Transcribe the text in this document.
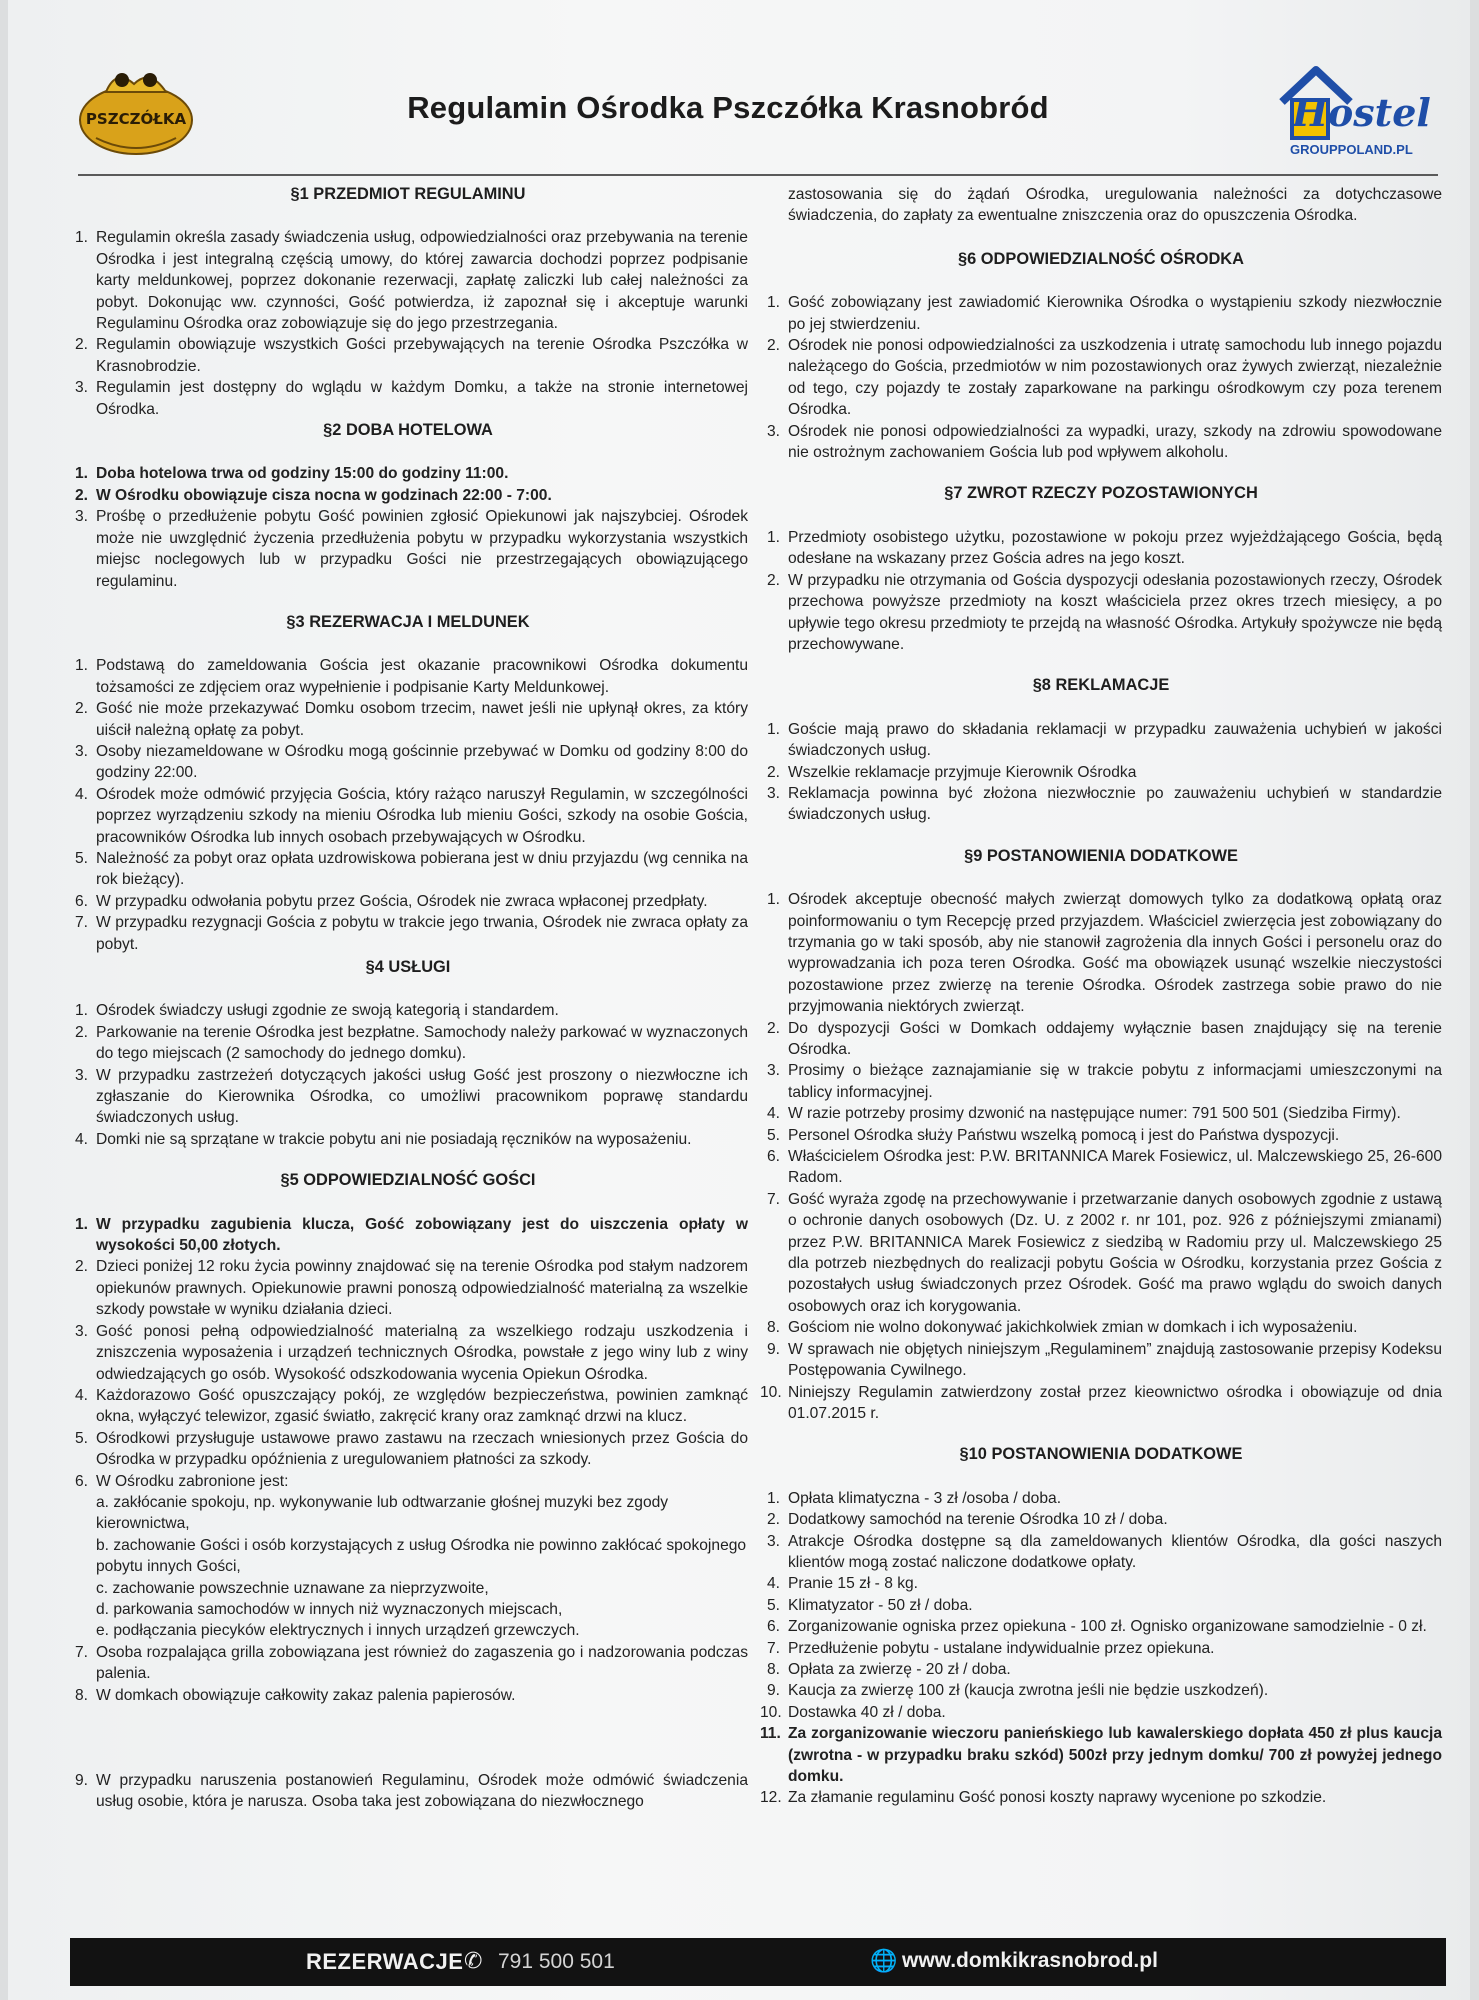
PSZCZÓŁKA	Regulamin Ośrodka Pszczółka Krasnobród	Hostel
GROUPPOLAND.PL
§1 PRZEDMIOT REGULAMINU
1. Regulamin określa zasady świadczenia usług, odpowiedzialności oraz przebywania na terenie Ośrodka i jest integralną częścią umowy, do której zawarcia dochodzi poprzez podpisanie karty meldunkowej, poprzez dokonanie rezerwacji, zapłatę zaliczki lub całej należności za pobyt. Dokonując ww. czynności, Gość potwierdza, iż zapoznał się i akceptuje warunki Regulaminu Ośrodka oraz zobowiązuje się do jego przestrzegania.
2. Regulamin obowiązuje wszystkich Gości przebywających na terenie Ośrodka Pszczółka w Krasnobrodzie.
3. Regulamin jest dostępny do wglądu w każdym Domku, a także na stronie internetowej Ośrodka.
§2 DOBA HOTELOWA
1. Doba hotelowa trwa od godziny 15:00 do godziny 11:00.
2. W Ośrodku obowiązuje cisza nocna w godzinach 22:00 - 7:00.
3. Prośbę o przedłużenie pobytu Gość powinien zgłosić Opiekunowi jak najszybciej. Ośrodek może nie uwzględnić życzenia przedłużenia pobytu w przypadku wykorzystania wszystkich miejsc noclegowych lub w przypadku Gości nie przestrzegających obowiązującego regulaminu.
§3 REZERWACJA I MELDUNEK
1. Podstawą do zameldowania Gościa jest okazanie pracownikowi Ośrodka dokumentu tożsamości ze zdjęciem oraz wypełnienie i podpisanie Karty Meldunkowej.
2. Gość nie może przekazywać Domku osobom trzecim, nawet jeśli nie upłynął okres, za który uiścił należną opłatę za pobyt.
3. Osoby niezameldowane w Ośrodku mogą gościnnie przebywać w Domku od godziny 8:00 do godziny 22:00.
4. Ośrodek może odmówić przyjęcia Gościa, który rażąco naruszył Regulamin, w szczególności poprzez wyrządzeniu szkody na mieniu Ośrodka lub mieniu Gości, szkody na osobie Gościa, pracowników Ośrodka lub innych osobach przebywających w Ośrodku.
5. Należność za pobyt oraz opłata uzdrowiskowa pobierana jest w dniu przyjazdu (wg cennika na rok bieżący).
6. W przypadku odwołania pobytu przez Gościa, Ośrodek nie zwraca wpłaconej przedpłaty.
7. W przypadku rezygnacji Gościa z pobytu w trakcie jego trwania, Ośrodek nie zwraca opłaty za pobyt.
§4 USŁUGI
1. Ośrodek świadczy usługi zgodnie ze swoją kategorią i standardem.
2. Parkowanie na terenie Ośrodka jest bezpłatne. Samochody należy parkować w wyznaczonych do tego miejscach (2 samochody do jednego domku).
3. W przypadku zastrzeżeń dotyczących jakości usług Gość jest proszony o niezwłoczne ich zgłaszanie do Kierownika Ośrodka, co umożliwi pracownikom poprawę standardu świadczonych usług.
4. Domki nie są sprzątane w trakcie pobytu ani nie posiadają ręczników na wyposażeniu.
§5 ODPOWIEDZIALNOŚĆ GOŚCI
1. W przypadku zagubienia klucza, Gość zobowiązany jest do uiszczenia opłaty w wysokości 50,00 złotych.
2. Dzieci poniżej 12 roku życia powinny znajdować się na terenie Ośrodka pod stałym nadzorem opiekunów prawnych. Opiekunowie prawni ponoszą odpowiedzialność materialną za wszelkie szkody powstałe w wyniku działania dzieci.
3. Gość ponosi pełną odpowiedzialność materialną za wszelkiego rodzaju uszkodzenia i zniszczenia wyposażenia i urządzeń technicznych Ośrodka, powstałe z jego winy lub z winy odwiedzających go osób. Wysokość odszkodowania wycenia Opiekun Ośrodka.
4. Każdorazowo Gość opuszczający pokój, ze względów bezpieczeństwa, powinien zamknąć okna, wyłączyć telewizor, zgasić światło, zakręcić krany oraz zamknąć drzwi na klucz.
5. Ośrodkowi przysługuje ustawowe prawo zastawu na rzeczach wniesionych przez Gościa do Ośrodka w przypadku opóźnienia z uregulowaniem płatności za szkody.
6. W Ośrodku zabronione jest:
a. zakłócanie spokoju, np. wykonywanie lub odtwarzanie głośnej muzyki bez zgody kierownictwa,
b. zachowanie Gości i osób korzystających z usług Ośrodka nie powinno zakłócać spokojnego pobytu innych Gości,
c. zachowanie powszechnie uznawane za nieprzyzwoite,
d. parkowania samochodów w innych niż wyznaczonych miejscach,
e. podłączania piecyków elektrycznych i innych urządzeń grzewczych.
7. Osoba rozpalająca grilla zobowiązana jest również do zagaszenia go i nadzorowania podczas palenia.
8. W domkach obowiązuje całkowity zakaz palenia papierosów.
9. W przypadku naruszenia postanowień Regulaminu, Ośrodek może odmówić świadczenia usług osobie, która je narusza. Osoba taka jest zobowiązana do niezwłocznego
zastosowania się do żądań Ośrodka, uregulowania należności za dotychczasowe świadczenia, do zapłaty za ewentualne zniszczenia oraz do opuszczenia Ośrodka.
§6 ODPOWIEDZIALNOŚĆ OŚRODKA
1. Gość zobowiązany jest zawiadomić Kierownika Ośrodka o wystąpieniu szkody niezwłocznie po jej stwierdzeniu.
2. Ośrodek nie ponosi odpowiedzialności za uszkodzenia i utratę samochodu lub innego pojazdu należącego do Gościa, przedmiotów w nim pozostawionych oraz żywych zwierząt, niezależnie od tego, czy pojazdy te zostały zaparkowane na parkingu ośrodkowym czy poza terenem Ośrodka.
3. Ośrodek nie ponosi odpowiedzialności za wypadki, urazy, szkody na zdrowiu spowodowane nie ostrożnym zachowaniem Gościa lub pod wpływem alkoholu.
§7 ZWROT RZECZY POZOSTAWIONYCH
1. Przedmioty osobistego użytku, pozostawione w pokoju przez wyjeżdżającego Gościa, będą odesłane na wskazany przez Gościa adres na jego koszt.
2. W przypadku nie otrzymania od Gościa dyspozycji odesłania pozostawionych rzeczy, Ośrodek przechowa powyższe przedmioty na koszt właściciela przez okres trzech miesięcy, a po upływie tego okresu przedmioty te przejdą na własność Ośrodka. Artykuły spożywcze nie będą przechowywane.
§8 REKLAMACJE
1. Goście mają prawo do składania reklamacji w przypadku zauważenia uchybień w jakości świadczonych usług.
2. Wszelkie reklamacje przyjmuje Kierownik Ośrodka
3. Reklamacja powinna być złożona niezwłocznie po zauważeniu uchybień w standardzie świadczonych usług.
§9 POSTANOWIENIA DODATKOWE
1. Ośrodek akceptuje obecność małych zwierząt domowych tylko za dodatkową opłatą oraz poinformowaniu o tym Recepcję przed przyjazdem. Właściciel zwierzęcia jest zobowiązany do trzymania go w taki sposób, aby nie stanowił zagrożenia dla innych Gości i personelu oraz do wyprowadzania ich poza teren Ośrodka. Gość ma obowiązek usunąć wszelkie nieczystości pozostawione przez zwierzę na terenie Ośrodka. Ośrodek zastrzega sobie prawo do nie przyjmowania niektórych zwierząt.
2. Do dyspozycji Gości w Domkach oddajemy wyłącznie basen znajdujący się na terenie Ośrodka.
3. Prosimy o bieżące zaznajamianie się w trakcie pobytu z informacjami umieszczonymi na tablicy informacyjnej.
4. W razie potrzeby prosimy dzwonić na następujące numer: 791 500 501 (Siedziba Firmy).
5. Personel Ośrodka służy Państwu wszelką pomocą i jest do Państwa dyspozycji.
6. Właścicielem Ośrodka jest: P.W. BRITANNICA Marek Fosiewicz, ul. Malczewskiego 25, 26-600 Radom.
7. Gość wyraża zgodę na przechowywanie i przetwarzanie danych osobowych zgodnie z ustawą o ochronie danych osobowych (Dz. U. z 2002 r. nr 101, poz. 926 z późniejszymi zmianami) przez P.W. BRITANNICA Marek Fosiewicz z siedzibą w Radomiu przy ul. Malczewskiego 25 dla potrzeb niezbędnych do realizacji pobytu Gościa w Ośrodku, korzystania przez Gościa z pozostałych usług świadczonych przez Ośrodek. Gość ma prawo wglądu do swoich danych osobowych oraz ich korygowania.
8. Gościom nie wolno dokonywać jakichkolwiek zmian w domkach i ich wyposażeniu.
9. W sprawach nie objętych niniejszym „Regulaminem” znajdują zastosowanie przepisy Kodeksu Postępowania Cywilnego.
10. Niniejszy Regulamin zatwierdzony został przez kieownictwo ośrodka i obowiązuje od dnia 01.07.2015 r.
§10 POSTANOWIENIA DODATKOWE
1. Opłata klimatyczna - 3 zł /osoba / doba.
2. Dodatkowy samochód na terenie Ośrodka 10 zł / doba.
3. Atrakcje Ośrodka dostępne są dla zameldowanych klientów Ośrodka, dla gości naszych klientów mogą zostać naliczone dodatkowe opłaty.
4. Pranie 15 zł - 8 kg.
5. Klimatyzator - 50 zł / doba.
6. Zorganizowanie ogniska przez opiekuna - 100 zł. Ognisko organizowane samodzielnie - 0 zł.
7. Przedłużenie pobytu - ustalane indywidualnie przez opiekuna.
8. Opłata za zwierzę - 20 zł / doba.
9. Kaucja za zwierzę 100 zł (kaucja zwrotna jeśli nie będzie uszkodzeń).
10. Dostawka 40 zł / doba.
11. Za zorganizowanie wieczoru panieńskiego lub kawalerskiego dopłata 450 zł plus kaucja (zwrotna - w przypadku braku szkód) 500zł przy jednym domku/ 700 zł powyżej jednego domku.
12. Za złamanie regulaminu Gość ponosi koszty naprawy wycenione po szkodzie.
REZERWACJE ✆ 791 500 501	🌐 www.domkikrasnobrod.pl
